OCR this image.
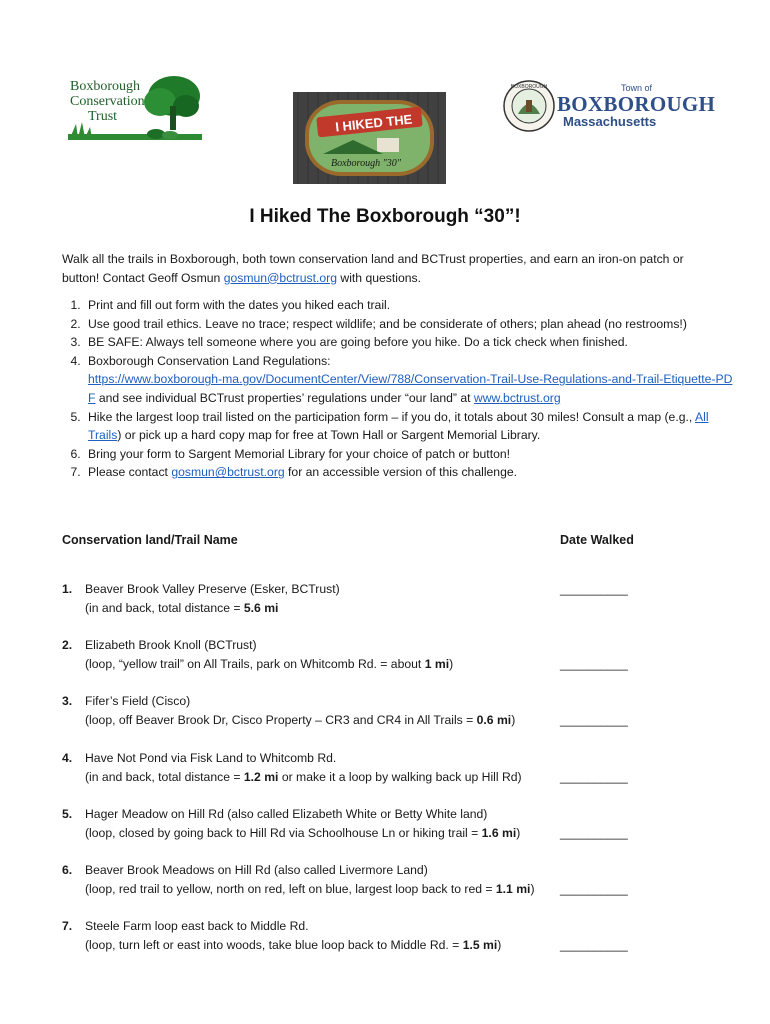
Boxborough
Conservation
Trust	I HIKED THE
Boxborough "30"
BOXBOROUGH	Town of
BOXBOROUGH
Massachusetts
I Hiked The Boxborough “30”!
Walk all the trails in Boxborough, both town conservation land and BCTrust properties, and earn an iron-on patch or button! Contact Geoff Osmun gosmun@bctrust.org with questions.
1. Print and fill out form with the dates you hiked each trail.
2. Use good trail ethics. Leave no trace; respect wildlife; and be considerate of others; plan ahead (no restrooms!)
3. BE SAFE: Always tell someone where you are going before you hike. Do a tick check when finished.
4. Boxborough Conservation Land Regulations:
https://www.boxborough-ma.gov/DocumentCenter/View/788/Conservation-Trail-Use-Regulations-and-Trail-Etiquette-PDF and see individual BCTrust properties’ regulations under “our land” at www.bctrust.org
5. Hike the largest loop trail listed on the participation form – if you do, it totals about 30 miles! Consult a map (e.g., All Trails) or pick up a hard copy map for free at Town Hall or Sargent Memorial Library.
6. Bring your form to Sargent Memorial Library for your choice of patch or button!
7. Please contact gosmun@bctrust.org for an accessible version of this challenge.
Conservation land/Trail Name	Date Walked
1. Beaver Brook Valley Preserve (Esker, BCTrust)
(in and back, total distance = 5.6 mi
__________
2. Elizabeth Brook Knoll (BCTrust)
(loop, “yellow trail” on All Trails, park on Whitcomb Rd. = about 1 mi)	__________
3. Fifer’s Field (Cisco)
(loop, off Beaver Brook Dr, Cisco Property – CR3 and CR4 in All Trails = 0.6 mi)	__________
4. Have Not Pond via Fisk Land to Whitcomb Rd.
(in and back, total distance = 1.2 mi or make it a loop by walking back up Hill Rd)	__________
5. Hager Meadow on Hill Rd (also called Elizabeth White or Betty White land)
(loop, closed by going back to Hill Rd via Schoolhouse Ln or hiking trail = 1.6 mi)	__________
6. Beaver Brook Meadows on Hill Rd (also called Livermore Land)
(loop, red trail to yellow, north on red, left on blue, largest loop back to red = 1.1 mi) __________
7. Steele Farm loop east back to Middle Rd.
(loop, turn left or east into woods, take blue loop back to Middle Rd. = 1.5 mi)	__________
